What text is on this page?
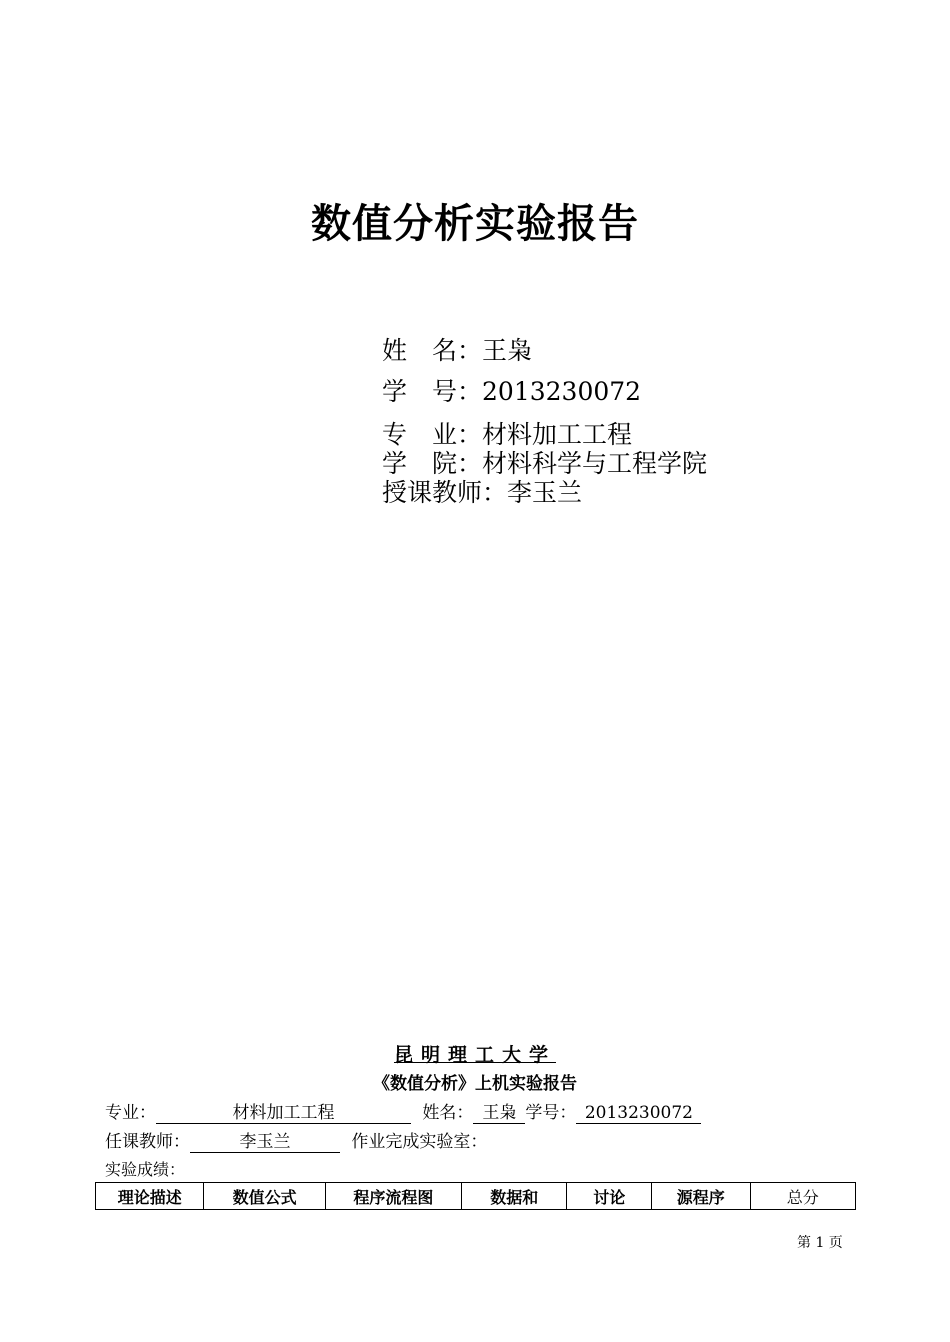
数值分析实验报告
姓　名：王枭
学　号：2013230072
专　业：材料加工工程
学　院：材料科学与工程学院
授课教师：李玉兰
昆明理工大学
《数值分析》上机实验报告
专业：	材料加工工程	姓名： 王枭 学号： 2013230072
任课教师：	李玉兰	作业完成实验室：
实验成绩：
理论描述	数值公式	程序流程图	数据和	讨论	源程序	总分
第 1 页
